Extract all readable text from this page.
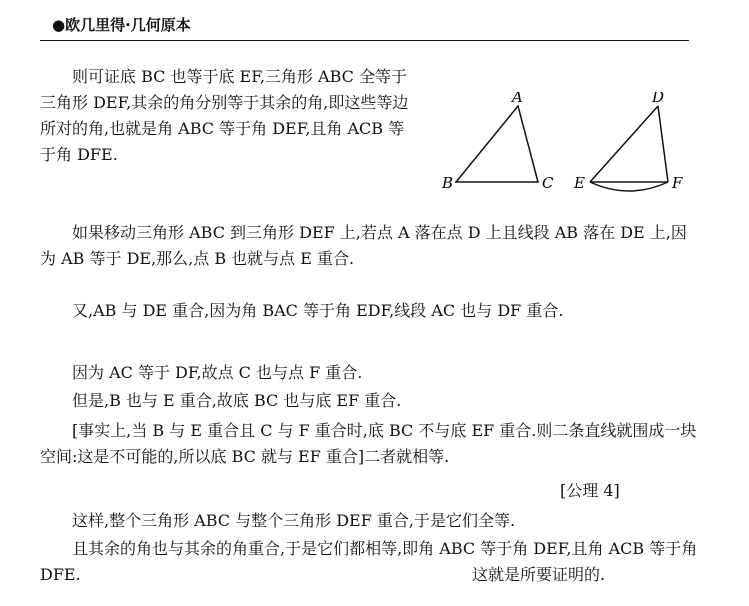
●欧几里得·几何原本
则可证底 BC 也等于底 EF,三角形 ABC 全等于三角形 DEF,其余的角分别等于其余的角,即这些等边所对的角,也就是角 ABC 等于角 DEF,且角 ACB 等于角 DFE.
A
B	C
D
E	F
如果移动三角形 ABC 到三角形 DEF 上,若点 A 落在点 D 上且线段 AB 落在 DE 上,因为 AB 等于 DE,那么,点 B 也就与点 E 重合.
又,AB 与 DE 重合,因为角 BAC 等于角 EDF,线段 AC 也与 DF 重合.
因为 AC 等于 DF,故点 C 也与点 F 重合.
但是,B 也与 E 重合,故底 BC 也与底 EF 重合.
[事实上,当 B 与 E 重合且 C 与 F 重合时,底 BC 不与底 EF 重合.则二条直线就围成一块空间:这是不可能的,所以底 BC 就与 EF 重合]二者就相等.
[公理 4]
这样,整个三角形 ABC 与整个三角形 DEF 重合,于是它们全等.
且其余的角也与其余的角重合,于是它们都相等,即角 ABC 等于角 DEF,且角 ACB 等于角 DFE.	这就是所要证明的.
